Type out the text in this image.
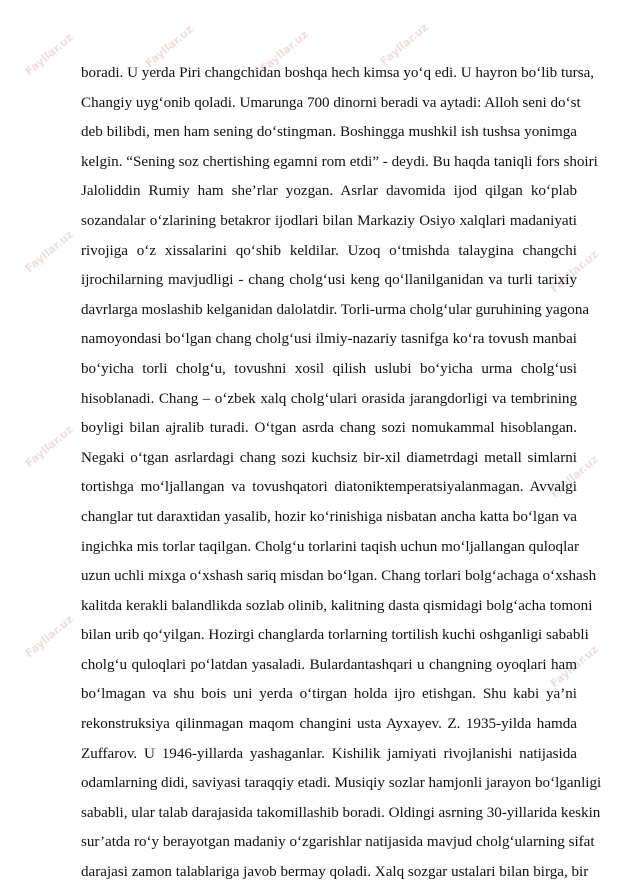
Fayllar.uz	Fayllar.uz	Fayllar.uz	Fayllar.uz
Fayllar.uz	Fayllar.uz
Fayllar.uz
Fayllar.uz
Fayllar.uz
Fayllar.uz
boradi. U yerda Piri changchidan boshqa hech kimsa yo‘q edi. U hayron bo‘lib tursa,
Changiy uyg‘onib qoladi. Umarunga 700 dinorni beradi va aytadi: Alloh seni do‘st
deb bilibdi, men ham sening do‘stingman. Boshingga mushkil ish tushsa yonimga
kelgin. “Sening soz chertishing egamni rom etdi” - deydi. Bu haqda taniqli fors shoiri
Jaloliddin Rumiy ham she’rlar yozgan. Asrlar davomida ijod qilgan ko‘plab
sozandalar o‘zlarining betakror ijodlari bilan Markaziy Osiyo xalqlari madaniyati
rivojiga o‘z xissalarini qo‘shib keldilar. Uzoq o‘tmishda talaygina changchi
ijrochilarning mavjudligi - chang cholg‘usi keng qo‘llanilganidan va turli tarixiy
davrlarga moslashib kelganidan dalolatdir. Torli-urma cholg‘ular guruhining yagona
namoyondasi bo‘lgan chang cholg‘usi ilmiy-nazariy tasnifga ko‘ra tovush manbai
bo‘yicha torli cholg‘u, tovushni xosil qilish uslubi bo‘yicha urma cholg‘usi
hisoblanadi. Chang – o‘zbek xalq cholg‘ulari orasida jarangdorligi va tembrining
boyligi bilan ajralib turadi. O‘tgan asrda chang sozi nomukammal hisoblangan.
Negaki o‘tgan asrlardagi chang sozi kuchsiz bir-xil diametrdagi metall simlarni
tortishga mo‘ljallangan va tovushqatori diatoniktemperatsiyalanmagan. Avvalgi
changlar tut daraxtidan yasalib, hozir ko‘rinishiga nisbatan ancha katta bo‘lgan va
ingichka mis torlar taqilgan. Cholg‘u torlarini taqish uchun mo‘ljallangan quloqlar
uzun uchli mixga o‘xshash sariq misdan bo‘lgan. Chang torlari bolg‘achaga o‘xshash
kalitda kerakli balandlikda sozlab olinib, kalitning dasta qismidagi bolg‘acha tomoni
bilan urib qo‘yilgan. Hozirgi changlarda torlarning tortilish kuchi oshganligi sababli
cholg‘u quloqlari po‘latdan yasaladi. Bulardantashqari u changning oyoqlari ham
bo‘lmagan va shu bois uni yerda o‘tirgan holda ijro etishgan. Shu kabi ya’ni
rekonstruksiya qilinmagan maqom changini usta Ayxayev. Z. 1935-yilda hamda
Zuffarov. U 1946-yillarda yashaganlar. Kishilik jamiyati rivojlanishi natijasida
odamlarning didi, saviyasi taraqqiy etadi. Musiqiy sozlar hamjonli jarayon bo‘lganligi
sababli, ular talab darajasida takomillashib boradi. Oldingi asrning 30-yillarida keskin
sur’atda ro‘y berayotgan madaniy o‘zgarishlar natijasida mavjud cholg‘ularning sifat
darajasi zamon talablariga javob bermay qoladi. Xalq sozgar ustalari bilan birga, bir
